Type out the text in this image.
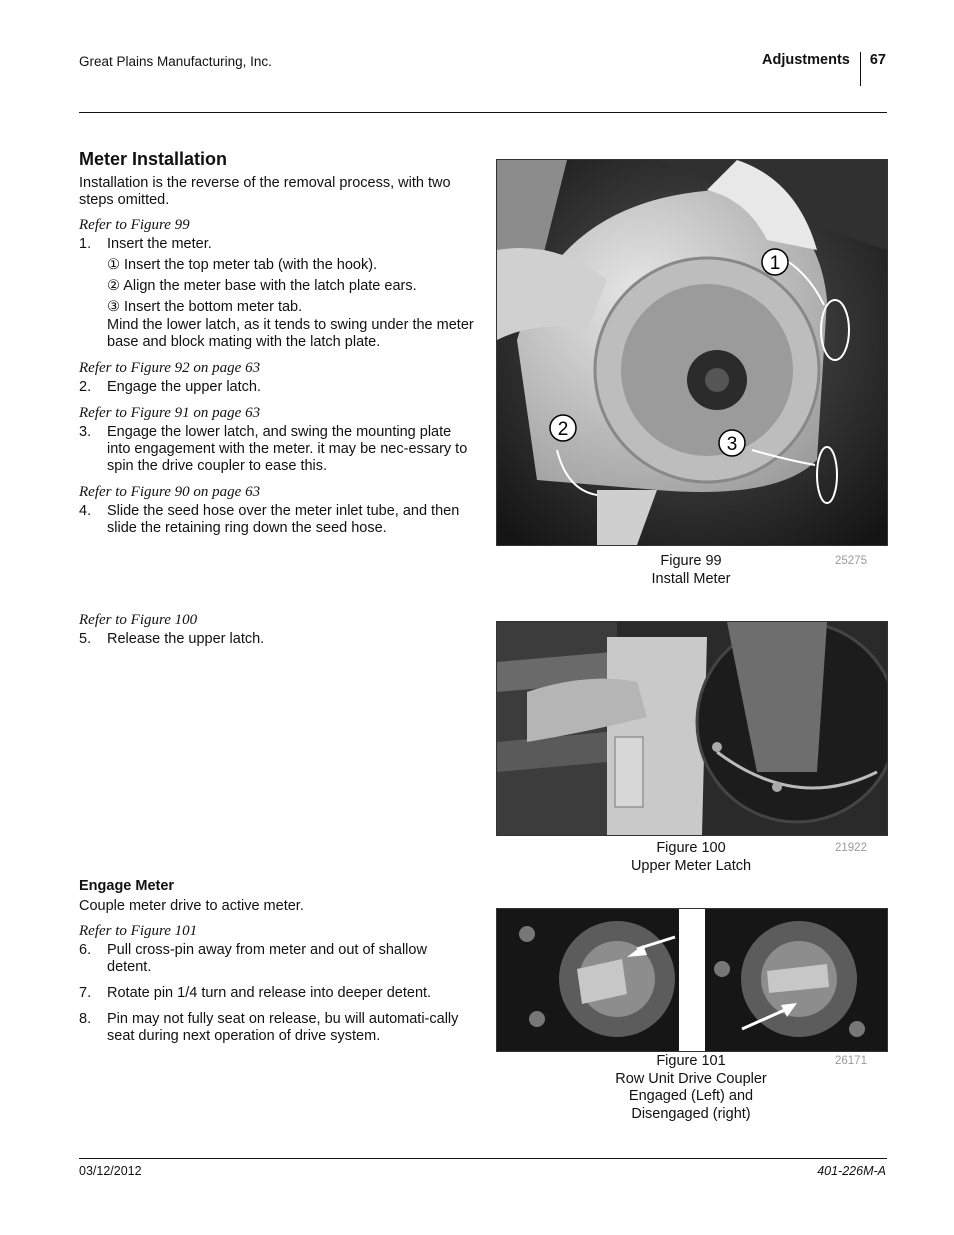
Great Plains Manufacturing, Inc.	Adjustments 67
Meter Installation

Installation is the reverse of the removal process, with two steps omitted.

Refer to Figure 99
1.	Insert the meter.
① Insert the top meter tab (with the hook).
② Align the meter base with the latch plate ears.
③ Insert the bottom meter tab.
Mind the lower latch, as it tends to swing under the meter base and block mating with the latch plate.
Refer to Figure 92 on page 63
2.	Engage the upper latch.
Refer to Figure 91 on page 63
3.	Engage the lower latch, and swing the mounting plate into engagement with the meter. it may be nec-essary to spin the drive coupler to ease this.
Refer to Figure 90 on page 63
4.	Slide the seed hose over the meter inlet tube, and then slide the retaining ring down the seed hose.
Refer to Figure 100
5.	Release the upper latch.
Engage Meter
Couple meter drive to active meter.
Refer to Figure 101
6.	Pull cross-pin away from meter and out of shallow detent.
7.	Rotate pin 1/4 turn and release into deeper detent.
8.	Pin may not fully seat on release, bu will automati-cally seat during next operation of drive system.
1
2
3
Figure 99
Install Meter
25275
Figure 100
Upper Meter Latch
21922
Figure 101
Row Unit Drive Coupler
Engaged (Left) and
Disengaged (right)
26171
03/12/2012	401-226M-A
